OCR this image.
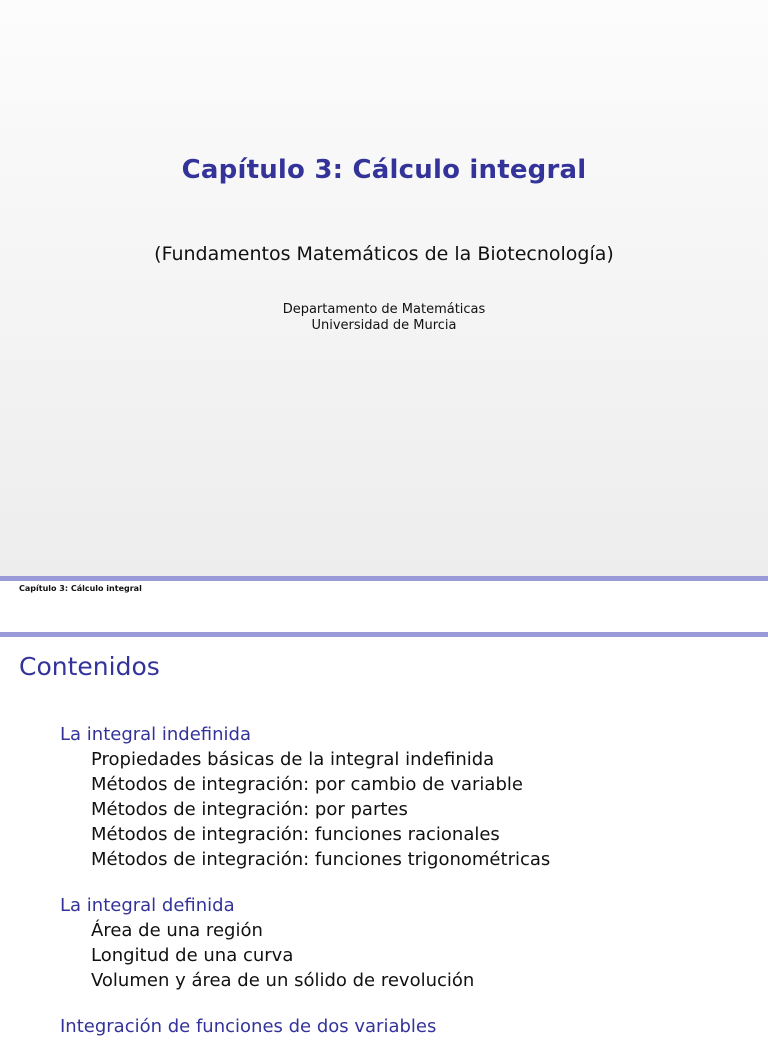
Capítulo 3: Cálculo integral
(Fundamentos Matemáticos de la Biotecnología)
Departamento de Matemáticas
Universidad de Murcia
Capítulo 3: Cálculo integral
Contenidos

La integral indefinida

Propiedades básicas de la integral indefinida

Métodos de integración: por cambio de variable

Métodos de integración: por partes

Métodos de integración: funciones racionales

Métodos de integración: funciones trigonométricas

La integral definida

Área de una región

Longitud de una curva

Volumen y área de un sólido de revolución

Integración de funciones de dos variables
